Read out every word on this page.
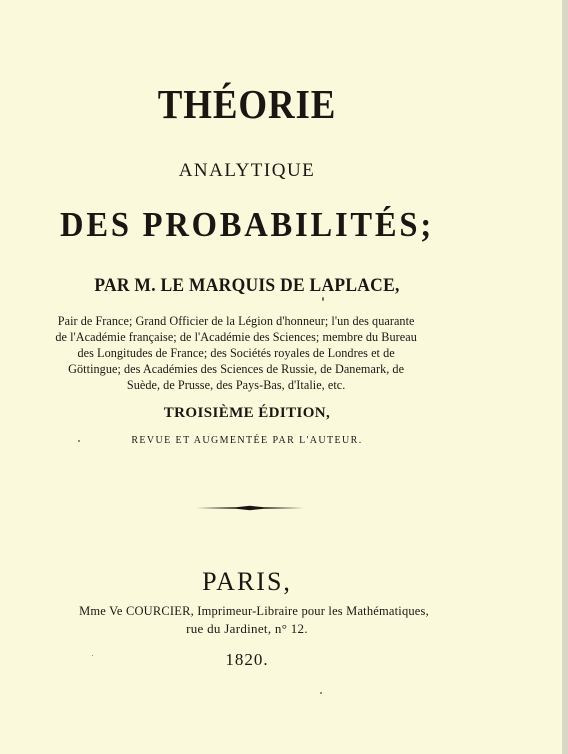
THÉORIE
ANALYTIQUE
DES PROBABILITÉS;
PAR M. LE MARQUIS DE LAPLACE,
Pair de France; Grand Officier de la Légion d'honneur; l'un des quarante
de l'Académie française; de l'Académie des Sciences; membre du Bureau
des Longitudes de France; des Sociétés royales de Londres et de
Göttingue; des Académies des Sciences de Russie, de Danemark, de
Suède, de Prusse, des Pays-Bas, d'Italie, etc.
TROISIÈME ÉDITION,
REVUE ET AUGMENTÉE PAR L'AUTEUR.
PARIS,
Mme Ve COURCIER, Imprimeur-Libraire pour les Mathématiques,
rue du Jardinet, n° 12.
1820.
